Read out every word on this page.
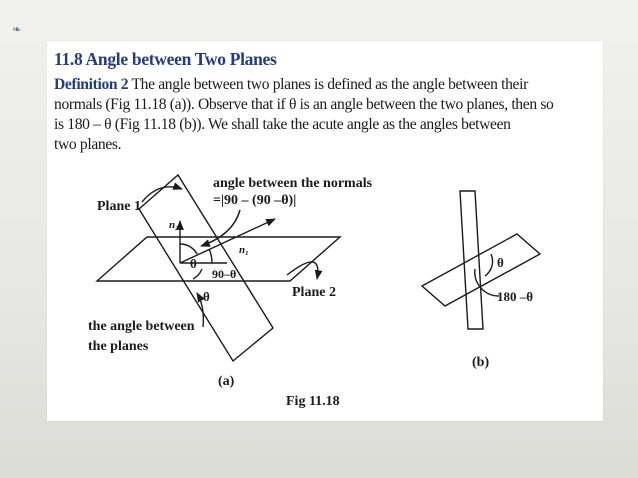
❧
11.8 Angle between Two Planes
Definition 2 The angle between two planes is defined as the angle between their
normals (Fig 11.18 (a)). Observe that if θ is an angle between the two planes, then so
is 180 – θ (Fig 11.18 (b)). We shall take the acute angle as the angles between
two planes.
Plane 1
angle between the normals
=|90 – (90 –θ)|
n₂
n₁
θ
90–θ
θ	Plane 2
the angle between
the planes
(a)
θ
180 –θ
(b)
Fig 11.18
